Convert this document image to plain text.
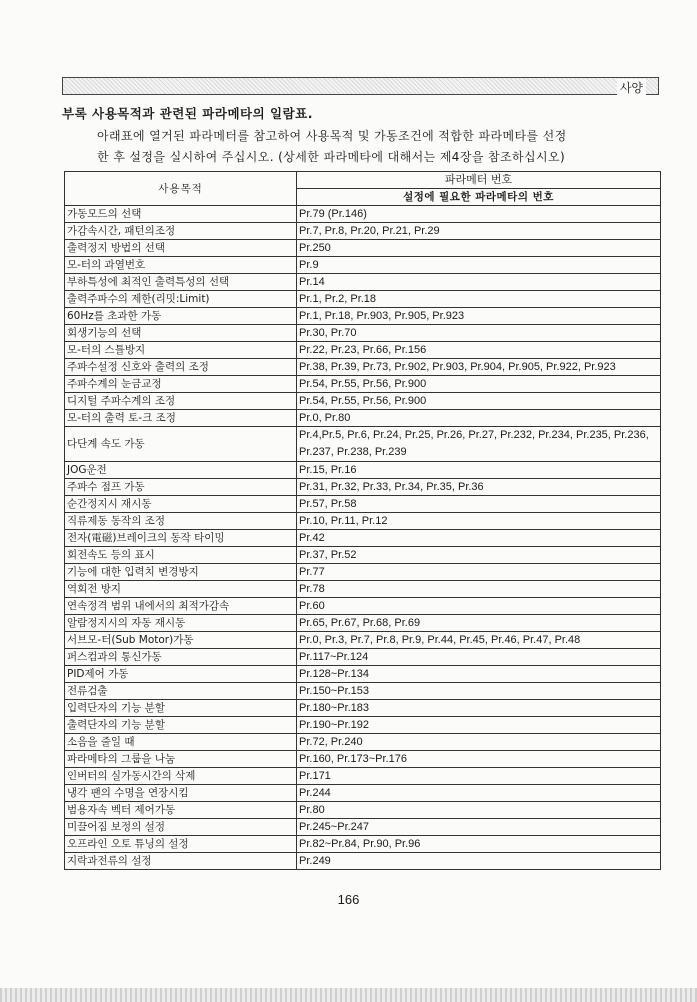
사양
부록 사용목적과 관련된 파라메타의 일람표.
아래표에 열거된 파라메터를 참고하여 사용목적 및 가동조건에 적합한 파라메타를 선정
한 후 설정을 실시하여 주십시오. (상세한 파라메타에 대해서는 제4장을 참조하십시오)
사용목적	파라메터 번호
	설정에 필요한 파라메타의 번호
가동모드의 선택	Pr.79 (Pr.146)
가감속시간, 패턴의조정	Pr.7, Pr.8, Pr.20, Pr.21, Pr.29
출력정지 방법의 선택	Pr.250
모-터의 과열번호	Pr.9
부하특성에 최적인 출력특성의 선택	Pr.14
출력주파수의 제한(리밋:Limit)	Pr.1, Pr.2, Pr.18
60Hz를 초과한 가동	Pr.1, Pr.18, Pr.903, Pr.905, Pr.923
회생기능의 선택	Pr.30, Pr.70
모-터의 스틀방지	Pr.22, Pr.23, Pr.66, Pr.156
주파수설정 신호와 출력의 조정	Pr.38, Pr.39, Pr.73, Pr.902, Pr.903, Pr.904, Pr.905, Pr.922, Pr.923
주파수계의 눈금교정	Pr.54, Pr.55, Pr.56, Pr.900
디지털 주파수계의 조정	Pr.54, Pr.55, Pr.56, Pr.900
모-터의 출력 토-크 조정	Pr.0, Pr.80
다단계 속도 가동	Pr.4,Pr.5, Pr.6, Pr.24, Pr.25, Pr.26, Pr.27, Pr.232, Pr.234, Pr.235, Pr.236, Pr.237, Pr.238, Pr.239
JOG운전	Pr.15, Pr.16
주파수 점프 가동	Pr.31, Pr.32, Pr.33, Pr.34, Pr.35, Pr.36
순간정지시 재시동	Pr.57, Pr.58
직류제동 동작의 조정	Pr.10, Pr.11, Pr.12
전자(電磁)브레이크의 동작 타이밍	Pr.42
회전속도 등의 표시	Pr.37, Pr.52
기능에 대한 입력치 변경방지	Pr.77
역회전 방지	Pr.78
연속정격 범위 내에서의 최적가감속	Pr.60
알람정지시의 자동 재시동	Pr.65, Pr.67, Pr.68, Pr.69
서브모-터(Sub Motor)가동	Pr.0, Pr.3, Pr.7, Pr.8, Pr.9, Pr.44, Pr.45, Pr.46, Pr.47, Pr.48
퍼스컴과의 통신가동	Pr.117~Pr.124
PID제어 가동	Pr.128~Pr.134
전류검출	Pr.150~Pr.153
입력단자의 기능 분할	Pr.180~Pr.183
출력단자의 기능 분할	Pr.190~Pr.192
소음을 줄일 때	Pr.72, Pr.240
파라메타의 그룹을 나눔	Pr.160, Pr.173~Pr.176
인버터의 실가동시간의 삭제	Pr.171
냉각 팬의 수명을 연장시킴	Pr.244
범용자속 벡터 제어가동	Pr.80
미끌어짐 보정의 설정	Pr.245~Pr.247
오프라인 오토 튜닝의 설정	Pr.82~Pr.84, Pr.90, Pr.96
지락과전류의 설정	Pr.249
166
